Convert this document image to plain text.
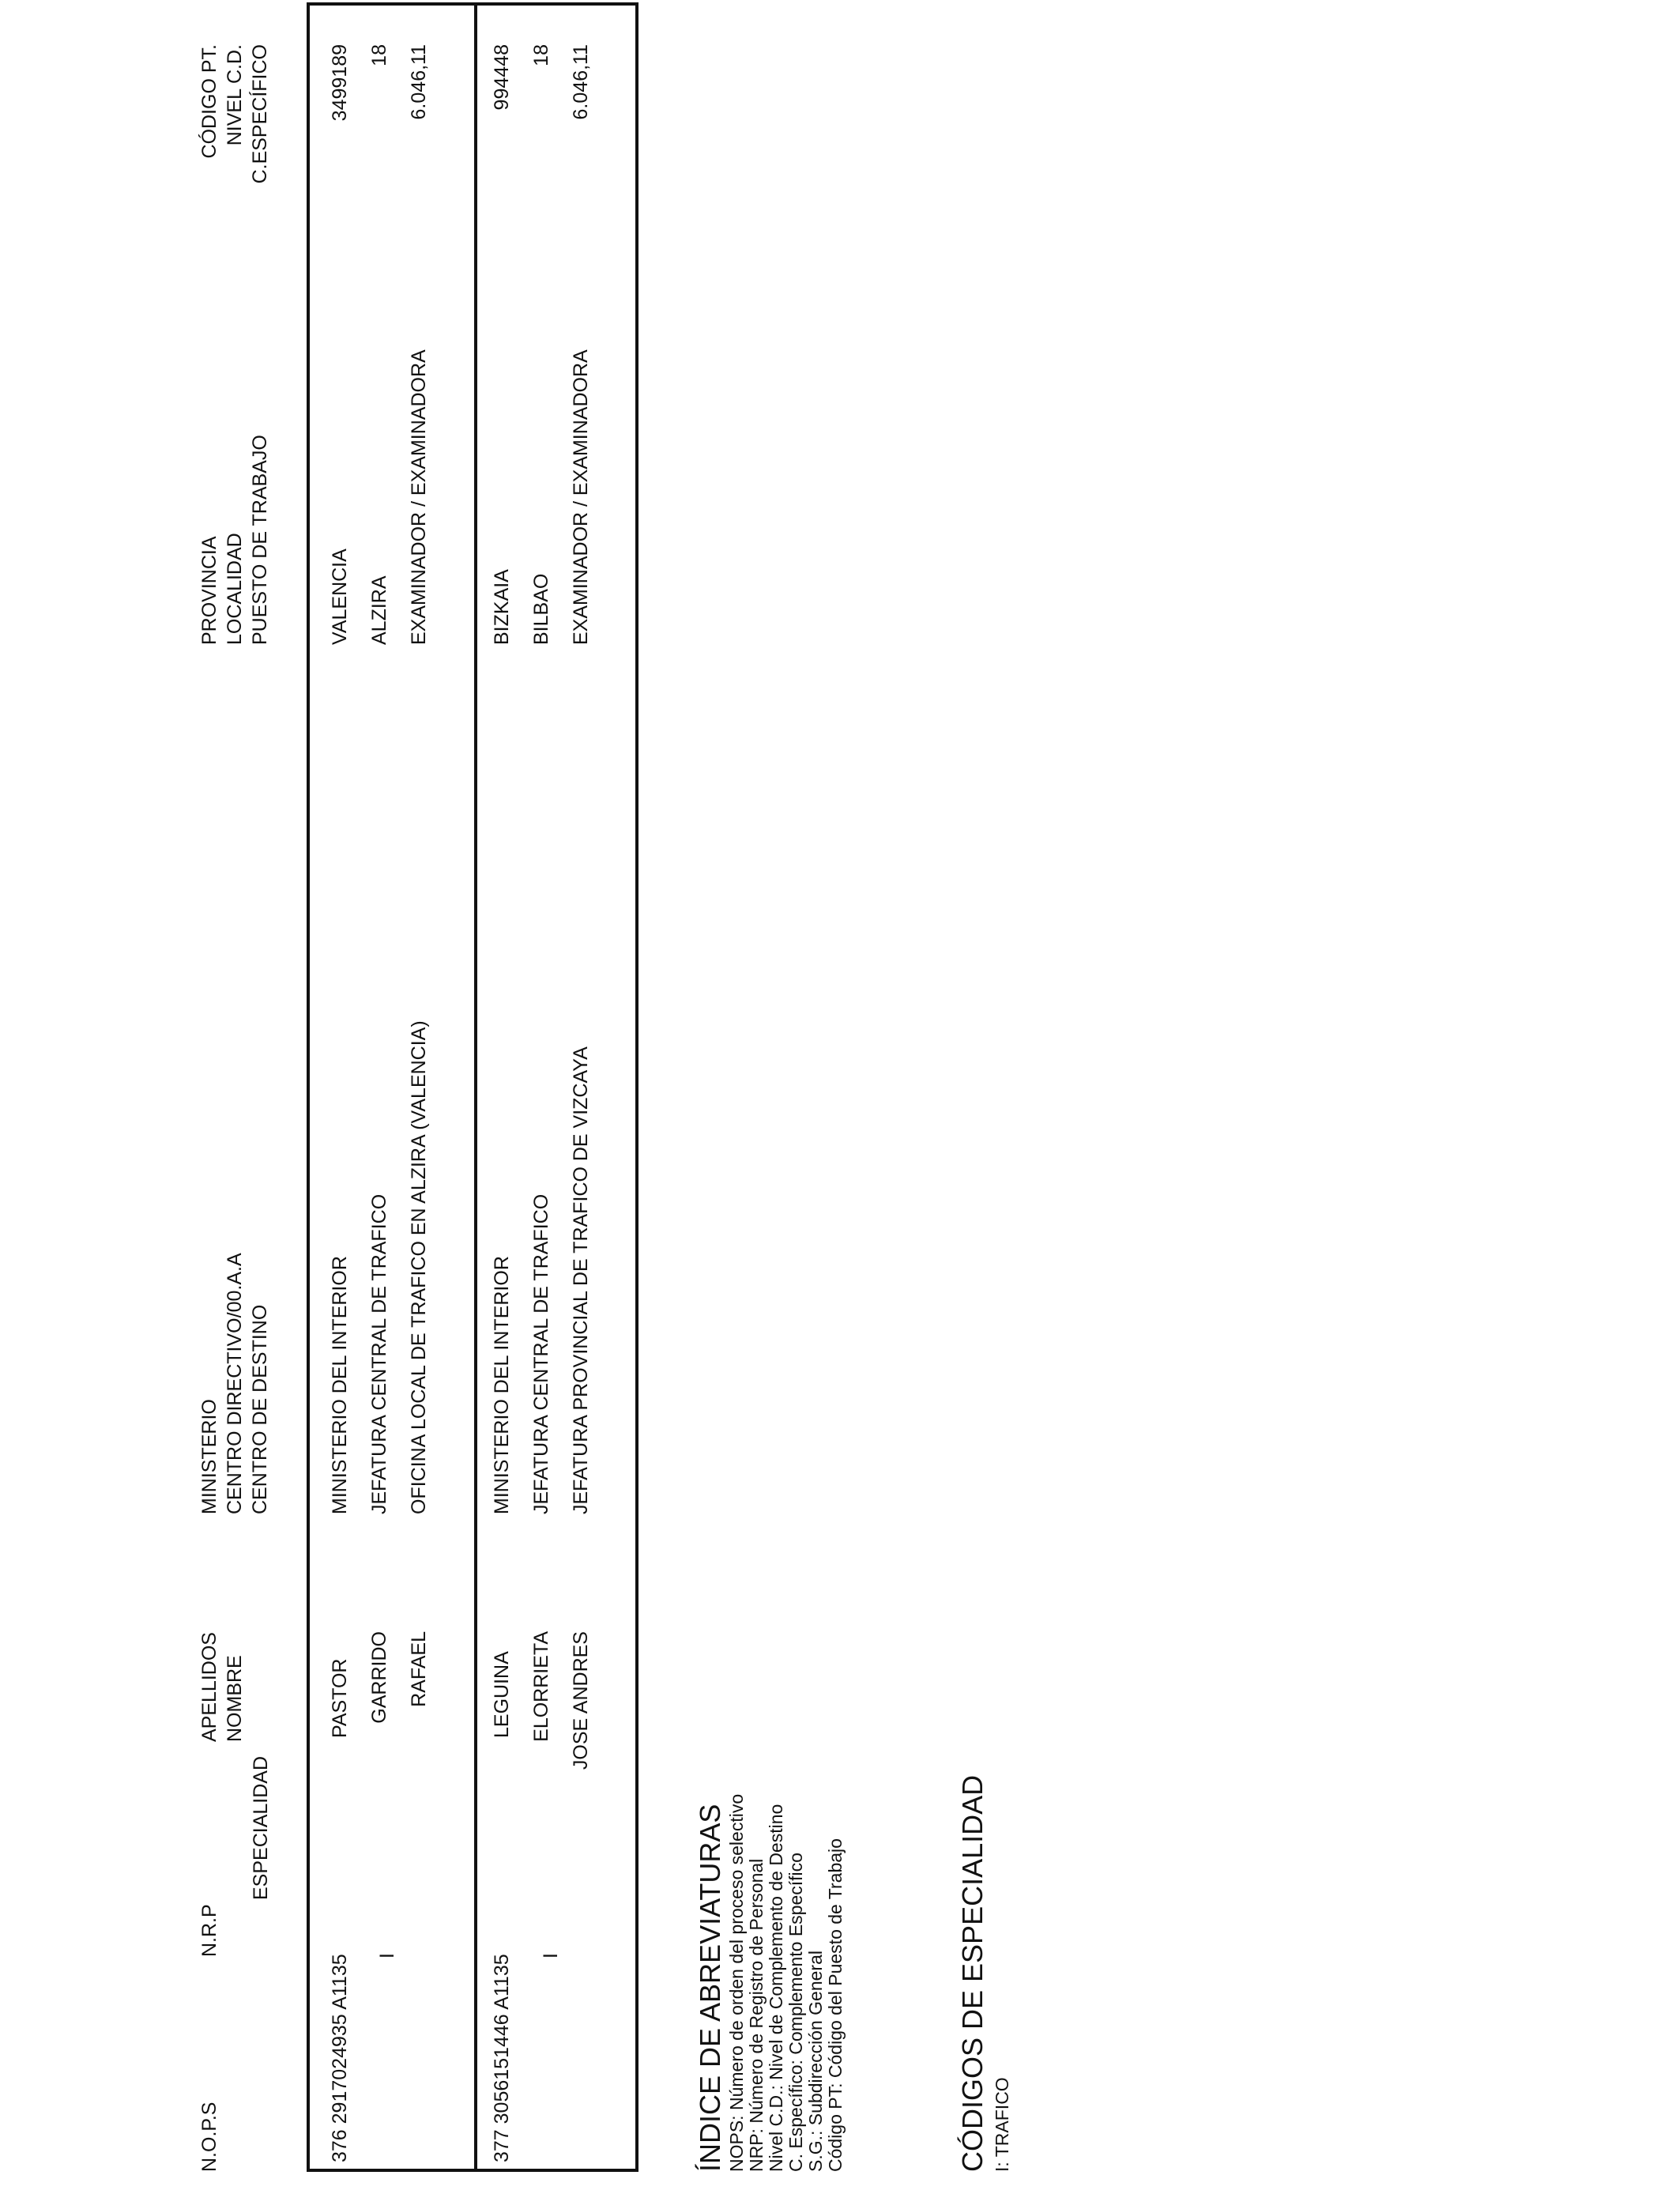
N.O.P.S
N.R.P
ESPECIALIDAD
APELLIDOS NOMBRE
MINISTERIO CENTRO DIRECTIVO/00.A.A CENTRO DE DESTINO
PROVINCIA LOCALIDAD PUESTO DE TRABAJO
CÓDIGO PT. NIVEL C.D. C.ESPECÍFICO
376 2917024935 A1135 I
PASTOR GARRIDO RAFAEL
MINISTERIO DEL INTERIOR JEFATURA CENTRAL DE TRAFICO OFICINA LOCAL DE TRAFICO EN ALZIRA (VALENCIA)
VALENCIA ALZIRA EXAMINADOR / EXAMINADORA
3499189 18 6.046,11
377 3056151446 A1135 I
LEGUINA ELORRIETA JOSE ANDRES
MINISTERIO DEL INTERIOR JEFATURA CENTRAL DE TRAFICO JEFATURA PROVINCIAL DE TRAFICO DE VIZCAYA
BIZKAIA BILBAO EXAMINADOR / EXAMINADORA
994448 18 6.046,11
ÍNDICE DE ABREVIATURAS NOPS: Número de orden del proceso selectivo NRP: Número de Registro de Personal Nivel C.D.: Nivel de Complemento de Destino C. Específico: Complemento Específico S.G.: Subdirección General Código PT: Código del Puesto de Trabajo	CÓDIGOS DE ESPECIALIDAD I: TRAFICO
